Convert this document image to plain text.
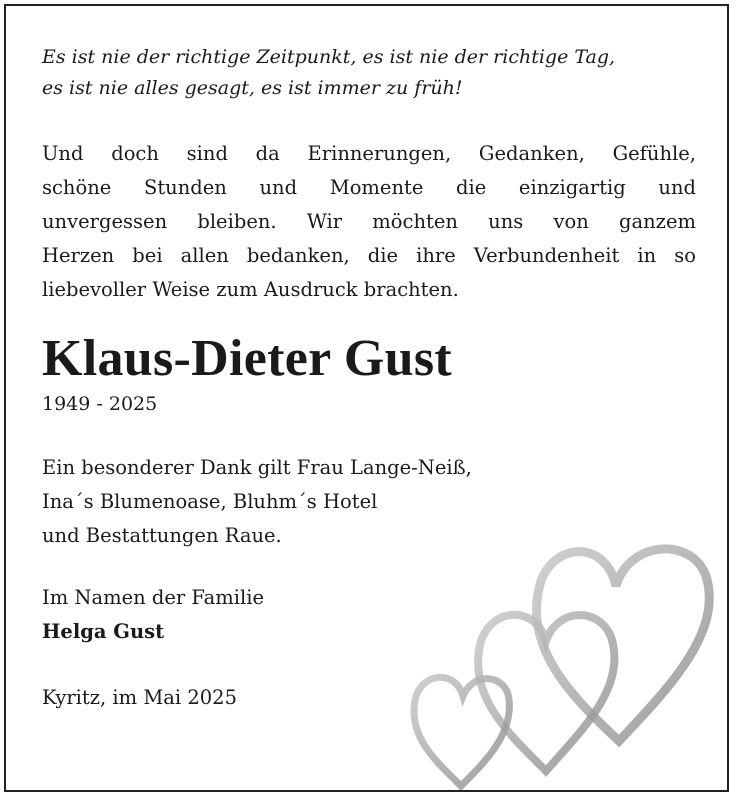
Es ist nie der richtige Zeitpunkt, es ist nie der richtige Tag,
es ist nie alles gesagt, es ist immer zu früh!

Und doch sind da Erinnerungen, Gedanken, Gefühle,
schöne Stunden und Momente die einzigartig und
unvergessen bleiben. Wir möchten uns von ganzem
Herzen bei allen bedanken, die ihre Verbundenheit in so
liebevoller Weise zum Ausdruck brachten.

Klaus-Dieter Gust

1949 - 2025

Ein besonderer Dank gilt Frau Lange-Neiß,
Ina´s Blumenoase, Bluhm´s Hotel
und Bestattungen Raue.

Im Namen der Familie
Helga Gust

Kyritz, im Mai 2025
